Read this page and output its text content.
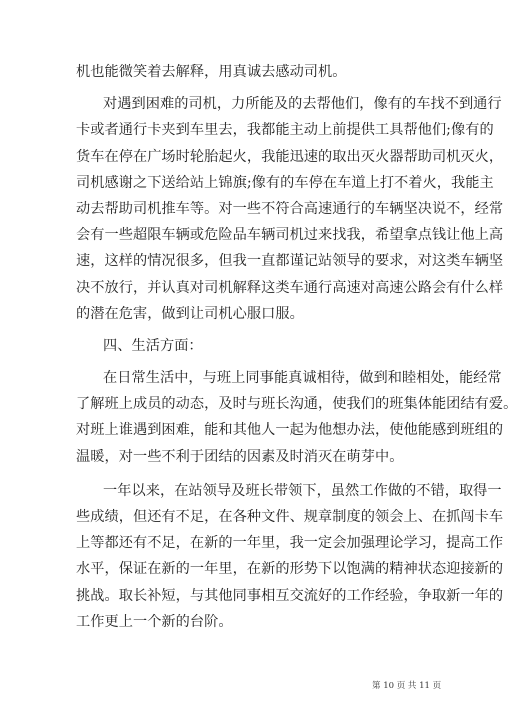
机也能微笑着去解释，用真诚去感动司机。
对遇到困难的司机，力所能及的去帮他们，像有的车找不到通行
卡或者通行卡夹到车里去，我都能主动上前提供工具帮他们;像有的
货车在停在广场时轮胎起火，我能迅速的取出灭火器帮助司机灭火，
司机感谢之下送给站上锦旗;像有的车停在车道上打不着火，我能主
动去帮助司机推车等。对一些不符合高速通行的车辆坚决说不，经常
会有一些超限车辆或危险品车辆司机过来找我，希望拿点钱让他上高
速，这样的情况很多，但我一直都谨记站领导的要求，对这类车辆坚
决不放行，并认真对司机解释这类车通行高速对高速公路会有什么样
的潜在危害，做到让司机心服口服。
四、生活方面：
在日常生活中，与班上同事能真诚相待，做到和睦相处，能经常
了解班上成员的动态，及时与班长沟通，使我们的班集体能团结有爱。
对班上谁遇到困难，能和其他人一起为他想办法，使他能感到班组的
温暖，对一些不利于团结的因素及时消灭在萌芽中。
一年以来，在站领导及班长带领下，虽然工作做的不错，取得一
些成绩，但还有不足，在各种文件、规章制度的领会上、在抓闯卡车
上等都还有不足，在新的一年里，我一定会加强理论学习，提高工作
水平，保证在新的一年里，在新的形势下以饱满的精神状态迎接新的
挑战。取长补短，与其他同事相互交流好的工作经验，争取新一年的
工作更上一个新的台阶。
第 10 页 共 11 页
